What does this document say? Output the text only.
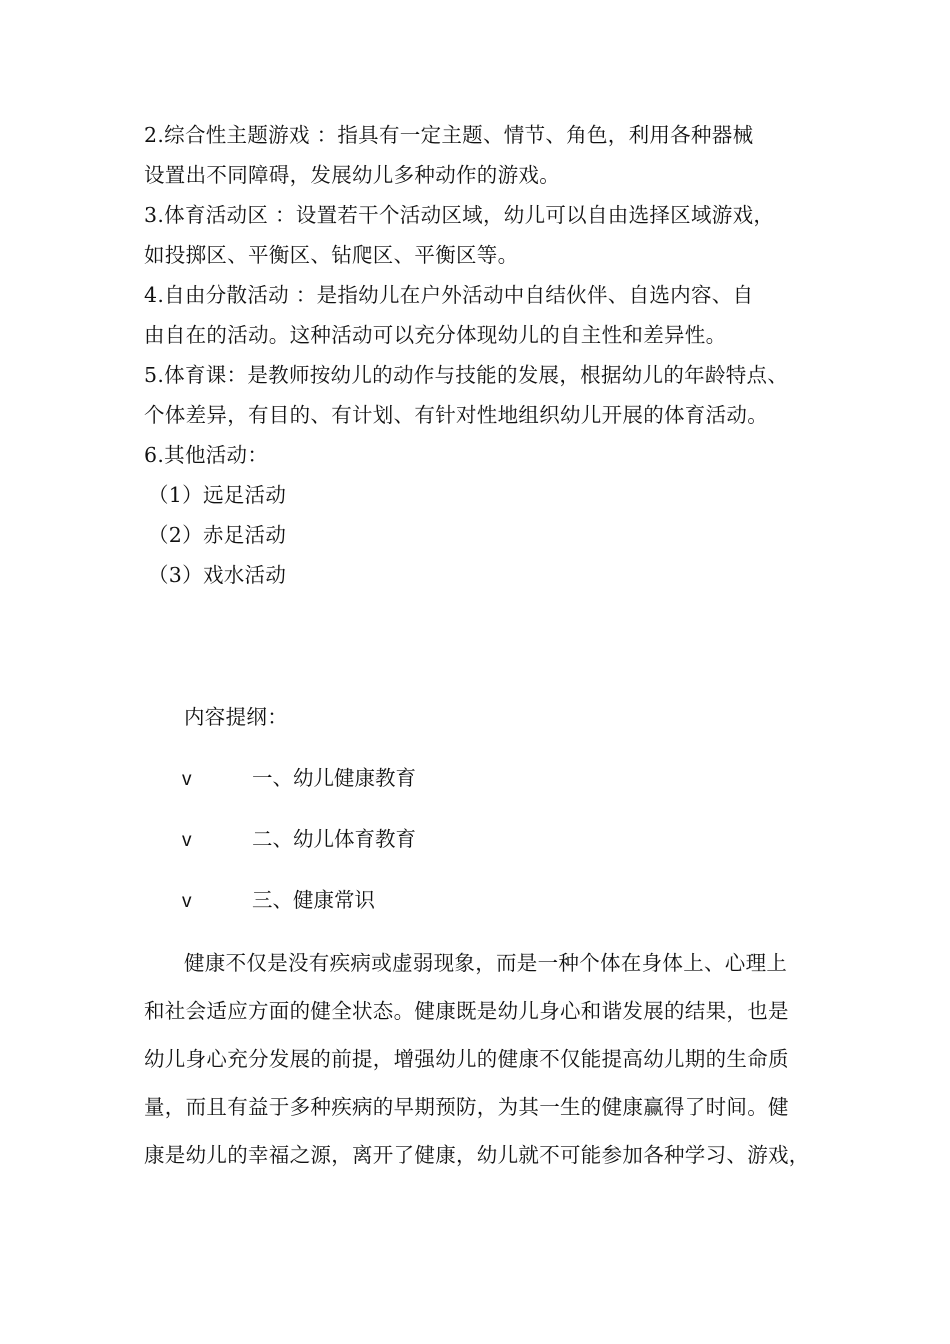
2.综合性主题游戏 ：指具有一定主题、情节、角色，利用各种器械
设置出不同障碍，发展幼儿多种动作的游戏。
3.体育活动区 ：设置若干个活动区域，幼儿可以自由选择区域游戏，
如投掷区、平衡区、钻爬区、平衡区等。
4.自由分散活动 ：是指幼儿在户外活动中自结伙伴、自选内容、自
由自在的活动。这种活动可以充分体现幼儿的自主性和差异性。
5.体育课：是教师按幼儿的动作与技能的发展，根据幼儿的年龄特点、
个体差异，有目的、有计划、有针对性地组织幼儿开展的体育活动。
6.其他活动：
（1）远足活动
（2）赤足活动
（3）戏水活动
内容提纲：
v	一、幼儿健康教育
v	二、幼儿体育教育
v	三、健康常识
健康不仅是没有疾病或虚弱现象，而是一种个体在身体上、心理上
和社会适应方面的健全状态。健康既是幼儿身心和谐发展的结果，也是
幼儿身心充分发展的前提，增强幼儿的健康不仅能提高幼儿期的生命质
量，而且有益于多种疾病的早期预防，为其一生的健康赢得了时间。健
康是幼儿的幸福之源，离开了健康，幼儿就不可能参加各种学习、游戏，
